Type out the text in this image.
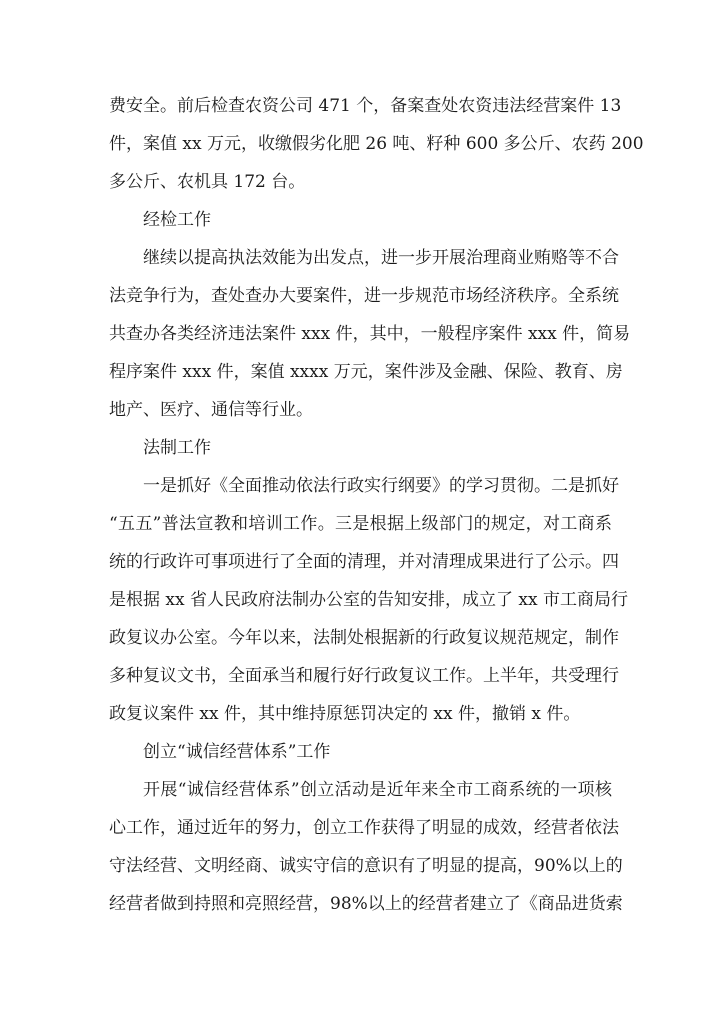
费安全。前后检查农资公司 471 个，备案查处农资违法经营案件 13
件，案值 xx 万元，收缴假劣化肥 26 吨、籽种 600 多公斤、农药 200
多公斤、农机具 172 台。
经检工作
继续以提高执法效能为出发点，进一步开展治理商业贿赂等不合
法竞争行为，查处查办大要案件，进一步规范市场经济秩序。全系统
共查办各类经济违法案件 xxx 件，其中，一般程序案件 xxx 件，简易
程序案件 xxx 件，案值 xxxx 万元，案件涉及金融、保险、教育、房
地产、医疗、通信等行业。
法制工作
一是抓好《全面推动依法行政实行纲要》的学习贯彻。二是抓好
“五五”普法宣教和培训工作。三是根据上级部门的规定，对工商系
统的行政许可事项进行了全面的清理，并对清理成果进行了公示。四
是根据 xx 省人民政府法制办公室的告知安排，成立了 xx 市工商局行
政复议办公室。今年以来，法制处根据新的行政复议规范规定，制作
多种复议文书，全面承当和履行好行政复议工作。上半年，共受理行
政复议案件 xx 件，其中维持原惩罚决定的 xx 件，撤销 x 件。
创立“诚信经营体系”工作
开展“诚信经营体系”创立活动是近年来全市工商系统的一项核
心工作，通过近年的努力，创立工作获得了明显的成效，经营者依法
守法经营、文明经商、诚实守信的意识有了明显的提高，90%以上的
经营者做到持照和亮照经营，98%以上的经营者建立了《商品进货索
